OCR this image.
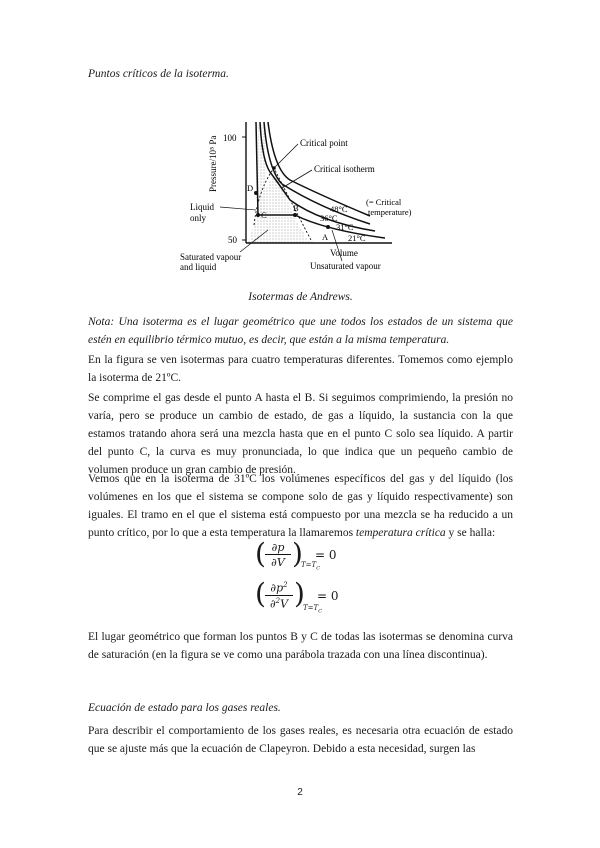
Puntos críticos de la isoterma.
100
50
Pressure/10⁵ Pa	Critical point
Critical isotherm
Liquid
only
Saturated vapour
and liquid
Volume
Unsaturated vapour
48°C
36°C
31°C
21°C
(= Critical
temperature)
A
B
C
D
Isotermas de Andrews.

Nota: Una isoterma es el lugar geométrico que une todos los estados de un sistema que estén en equilibrio térmico mutuo, es decir, que están a la misma temperatura.

En la figura se ven isotermas para cuatro temperaturas diferentes. Tomemos como ejemplo la isoterma de 21ºC.

Se comprime el gas desde el punto A hasta el B. Si seguimos comprimiendo, la presión no varía, pero se produce un cambio de estado, de gas a líquido, la sustancia con la que estamos tratando ahora será una mezcla hasta que en el punto C solo sea líquido. A partir del punto C, la curva es muy pronunciada, lo que indica que un pequeño cambio de volumen produce un gran cambio de presión.

Vemos que en la isoterma de 31ºC los volúmenes específicos del gas y del líquido (los volúmenes en los que el sistema se compone solo de gas y líquido respectivamente) son iguales. El tramo en el que el sistema está compuesto por una mezcla se ha reducido a un punto crítico, por lo que a esta temperatura la llamaremos temperatura crítica y se halla:

( ∂p
∂V )
$T=T_C$
= 0
( $\partial p^2$
∂$^2$V )
$T=T_C$
= 0

El lugar geométrico que forman los puntos B y C de todas las isotermas se denomina curva de saturación (en la figura se ve como una parábola trazada con una línea discontinua).

Ecuación de estado para los gases reales.

Para describir el comportamiento de los gases reales, es necesaria otra ecuación de estado que se ajuste más que la ecuación de Clapeyron. Debido a esta necesidad, surgen las

2
